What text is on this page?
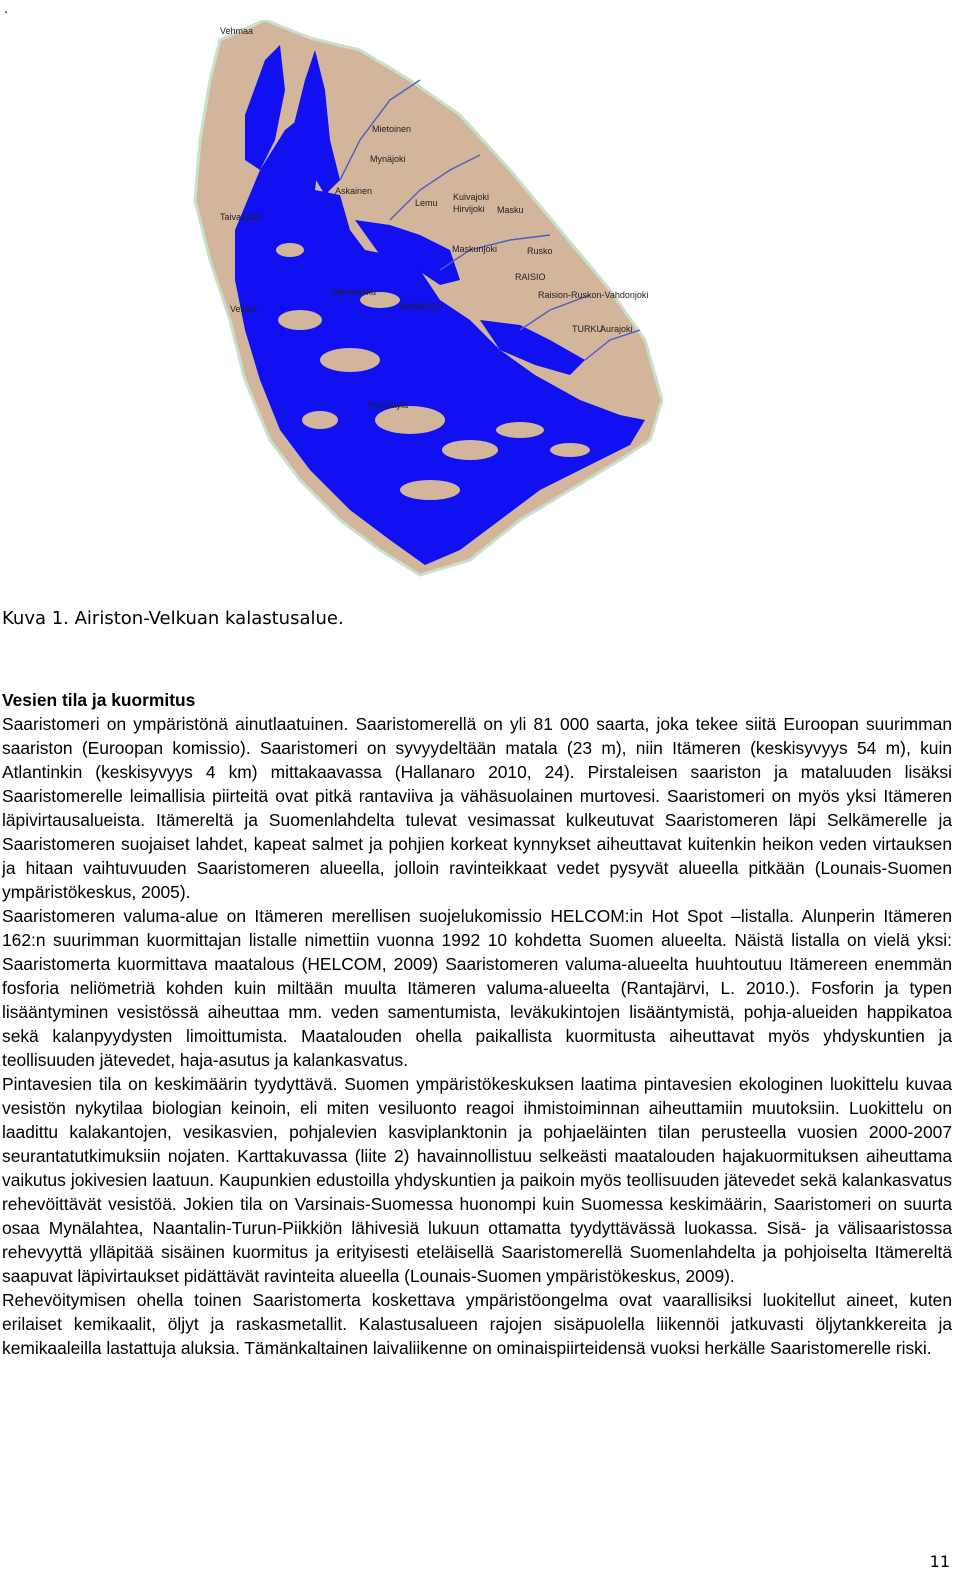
.
Vehmaa
Mietoinen
Mynäjoki
Askainen
Taivassalo
Lemu
Kuivajoki
Hirvijoki Masku
Maskunjoki	Rusko
RAISIO
Raision-Ruskon-Vahdonjoki
Merimasku
NAANTALI
Velkua
TURKU
Aurajoki
Rymättylä
Kuva 1. Airiston-Velkuan kalastusalue.
Vesien tila ja kuormitus

Saaristomeri on ympäristönä ainutlaatuinen. Saaristomerellä on yli 81 000 saarta, joka tekee siitä Euroopan suurimman saariston (Euroopan komissio). Saaristomeri on syvyydeltään matala (23 m), niin Itämeren (keskisyvyys 54 m), kuin Atlantinkin (keskisyvyys 4 km) mittakaavassa (Hallanaro 2010, 24). Pirstaleisen saariston ja mataluuden lisäksi Saaristomerelle leimallisia piirteitä ovat pitkä rantaviiva ja vähäsuolainen murtovesi. Saaristomeri on myös yksi Itämeren läpivirtausalueista. Itämereltä ja Suomenlahdelta tulevat vesimassat kulkeutuvat Saaristomeren läpi Selkämerelle ja Saaristomeren suojaiset lahdet, kapeat salmet ja pohjien korkeat kynnykset aiheuttavat kuitenkin heikon veden virtauksen ja hitaan vaihtuvuuden Saaristomeren alueella, jolloin ravinteikkaat vedet pysyvät alueella pitkään (Lounais-Suomen ympäristökeskus, 2005).

Saaristomeren valuma-alue on Itämeren merellisen suojelukomissio HELCOM:in Hot Spot –listalla. Alunperin Itämeren 162:n suurimman kuormittajan listalle nimettiin vuonna 1992 10 kohdetta Suomen alueelta. Näistä listalla on vielä yksi: Saaristomerta kuormittava maatalous (HELCOM, 2009) Saaristomeren valuma-alueelta huuhtoutuu Itämereen enemmän fosforia neliömetriä kohden kuin miltään muulta Itämeren valuma-alueelta (Rantajärvi, L. 2010.). Fosforin ja typen lisääntyminen vesistössä aiheuttaa mm. veden samentumista, leväkukintojen lisääntymistä, pohja-alueiden happikatoa sekä kalanpyydysten limoittumista. Maatalouden ohella paikallista kuormitusta aiheuttavat myös yhdyskuntien ja teollisuuden jätevedet, haja-asutus ja kalankasvatus.

Pintavesien tila on keskimäärin tyydyttävä. Suomen ympäristökeskuksen laatima pintavesien ekologinen luokittelu kuvaa vesistön nykytilaa biologian keinoin, eli miten vesiluonto reagoi ihmistoiminnan aiheuttamiin muutoksiin. Luokittelu on laadittu kalakantojen, vesikasvien, pohjalevien kasviplanktonin ja pohjaeläinten tilan perusteella vuosien 2000-2007 seurantatutkimuksiin nojaten. Karttakuvassa (liite 2) havainnollistuu selkeästi maatalouden hajakuormituksen aiheuttama vaikutus jokivesien laatuun. Kaupunkien edustoilla yhdyskuntien ja paikoin myös teollisuuden jätevedet sekä kalankasvatus rehevöittävät vesistöä. Jokien tila on Varsinais-Suomessa huonompi kuin Suomessa keskimäärin, Saaristomeri on suurta osaa Mynälahtea, Naantalin-Turun-Piikkiön lähivesiä lukuun ottamatta tyydyttävässä luokassa. Sisä- ja välisaaristossa rehevyyttä ylläpitää sisäinen kuormitus ja erityisesti eteläisellä Saaristomerellä Suomenlahdelta ja pohjoiselta Itämereltä saapuvat läpivirtaukset pidättävät ravinteita alueella (Lounais-Suomen ympäristökeskus, 2009).

Rehevöitymisen ohella toinen Saaristomerta koskettava ympäristöongelma ovat vaarallisiksi luokitellut aineet, kuten erilaiset kemikaalit, öljyt ja raskasmetallit. Kalastusalueen rajojen sisäpuolella liikennöi jatkuvasti öljytankkereita ja kemikaaleilla lastattuja aluksia. Tämänkaltainen laivaliikenne on ominaispiirteidensä vuoksi herkälle Saaristomerelle riski.

11
